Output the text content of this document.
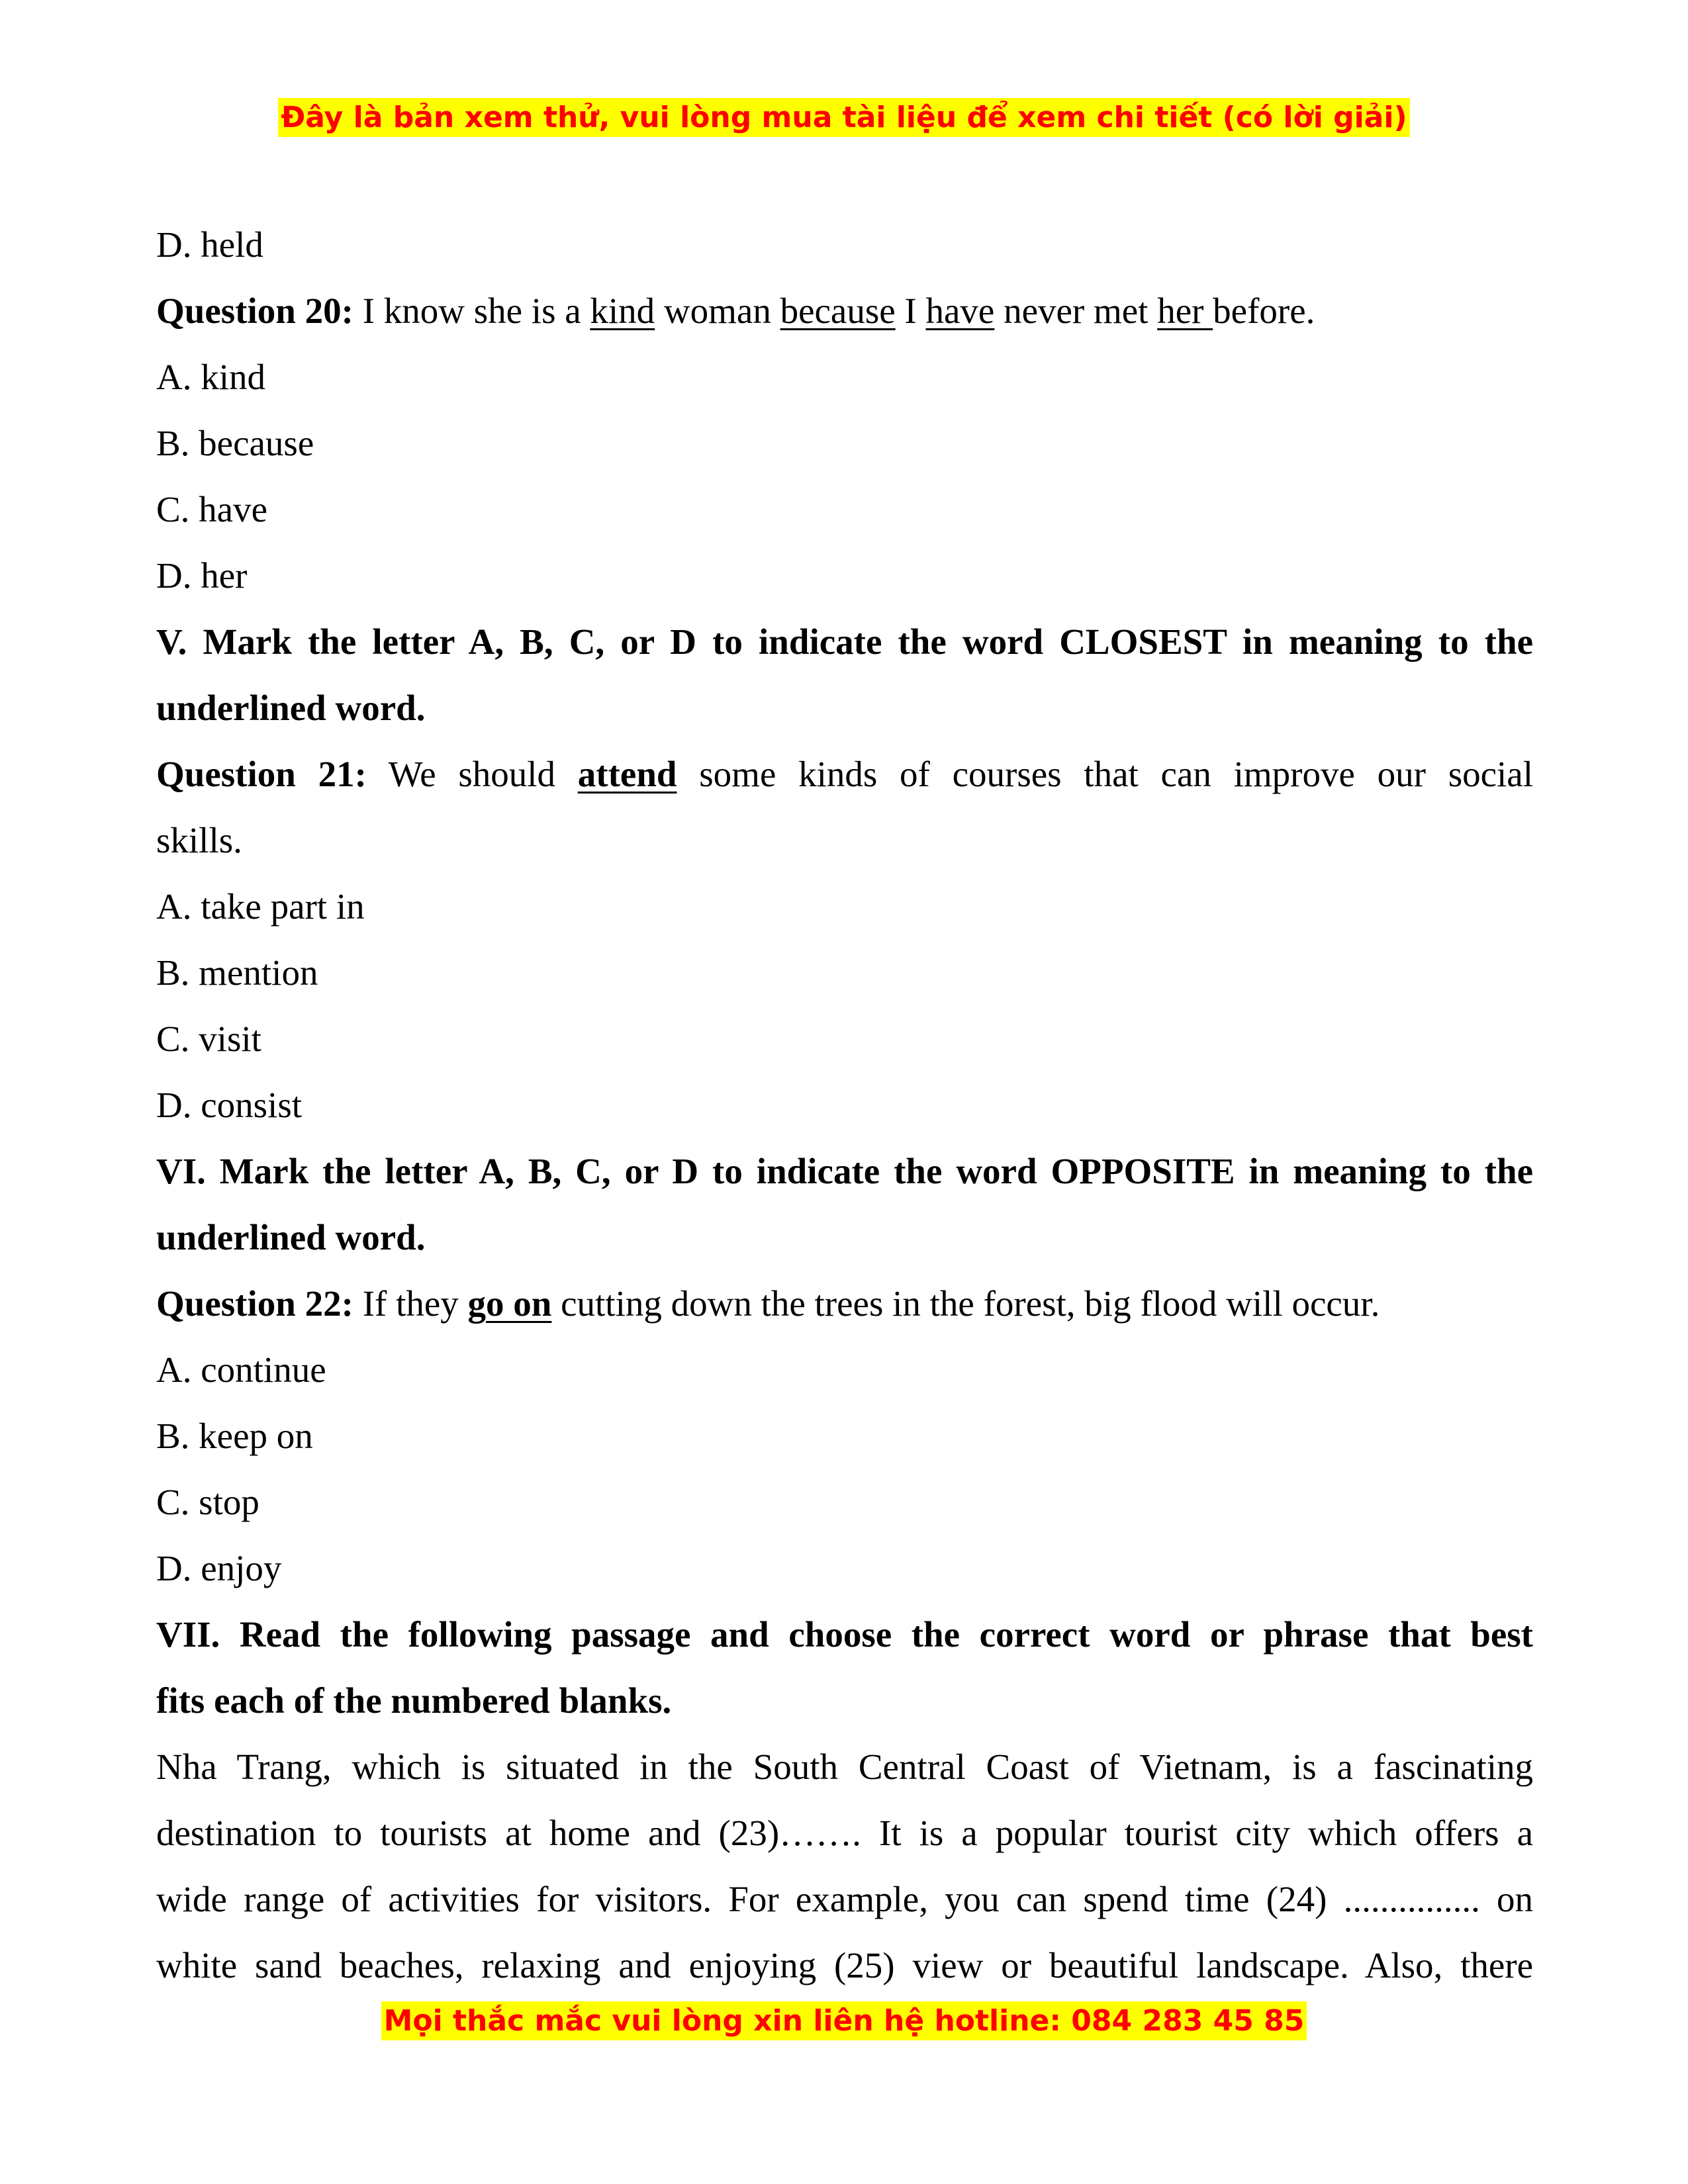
Đây là bản xem thử, vui lòng mua tài liệu để xem chi tiết (có lời giải)

D. held

Question 20: I know she is a kind woman because I have never met her before.

A. kind

B. because

C. have

D. her

V. Mark the letter A, B, C, or D to indicate the word CLOSEST in meaning to the

underlined word.

Question 21: We should attend some kinds of courses that can improve our social

skills.

A. take part in

B. mention

C. visit

D. consist

VI. Mark the letter A, B, C, or D to indicate the word OPPOSITE in meaning to the

underlined word.

Question 22: If they go on cutting down the trees in the forest, big flood will occur.

A. continue

B. keep on

C. stop

D. enjoy

VII. Read the following passage and choose the correct word or phrase that best

fits each of the numbered blanks.

Nha Trang, which is situated in the South Central Coast of Vietnam, is a fascinating

destination to tourists at home and (23)……. It is a popular tourist city which offers a

wide range of activities for visitors. For example, you can spend time (24) ............... on

white sand beaches, relaxing and enjoying (25) view or beautiful landscape. Also, there

Mọi thắc mắc vui lòng xin liên hệ hotline: 084 283 45 85
